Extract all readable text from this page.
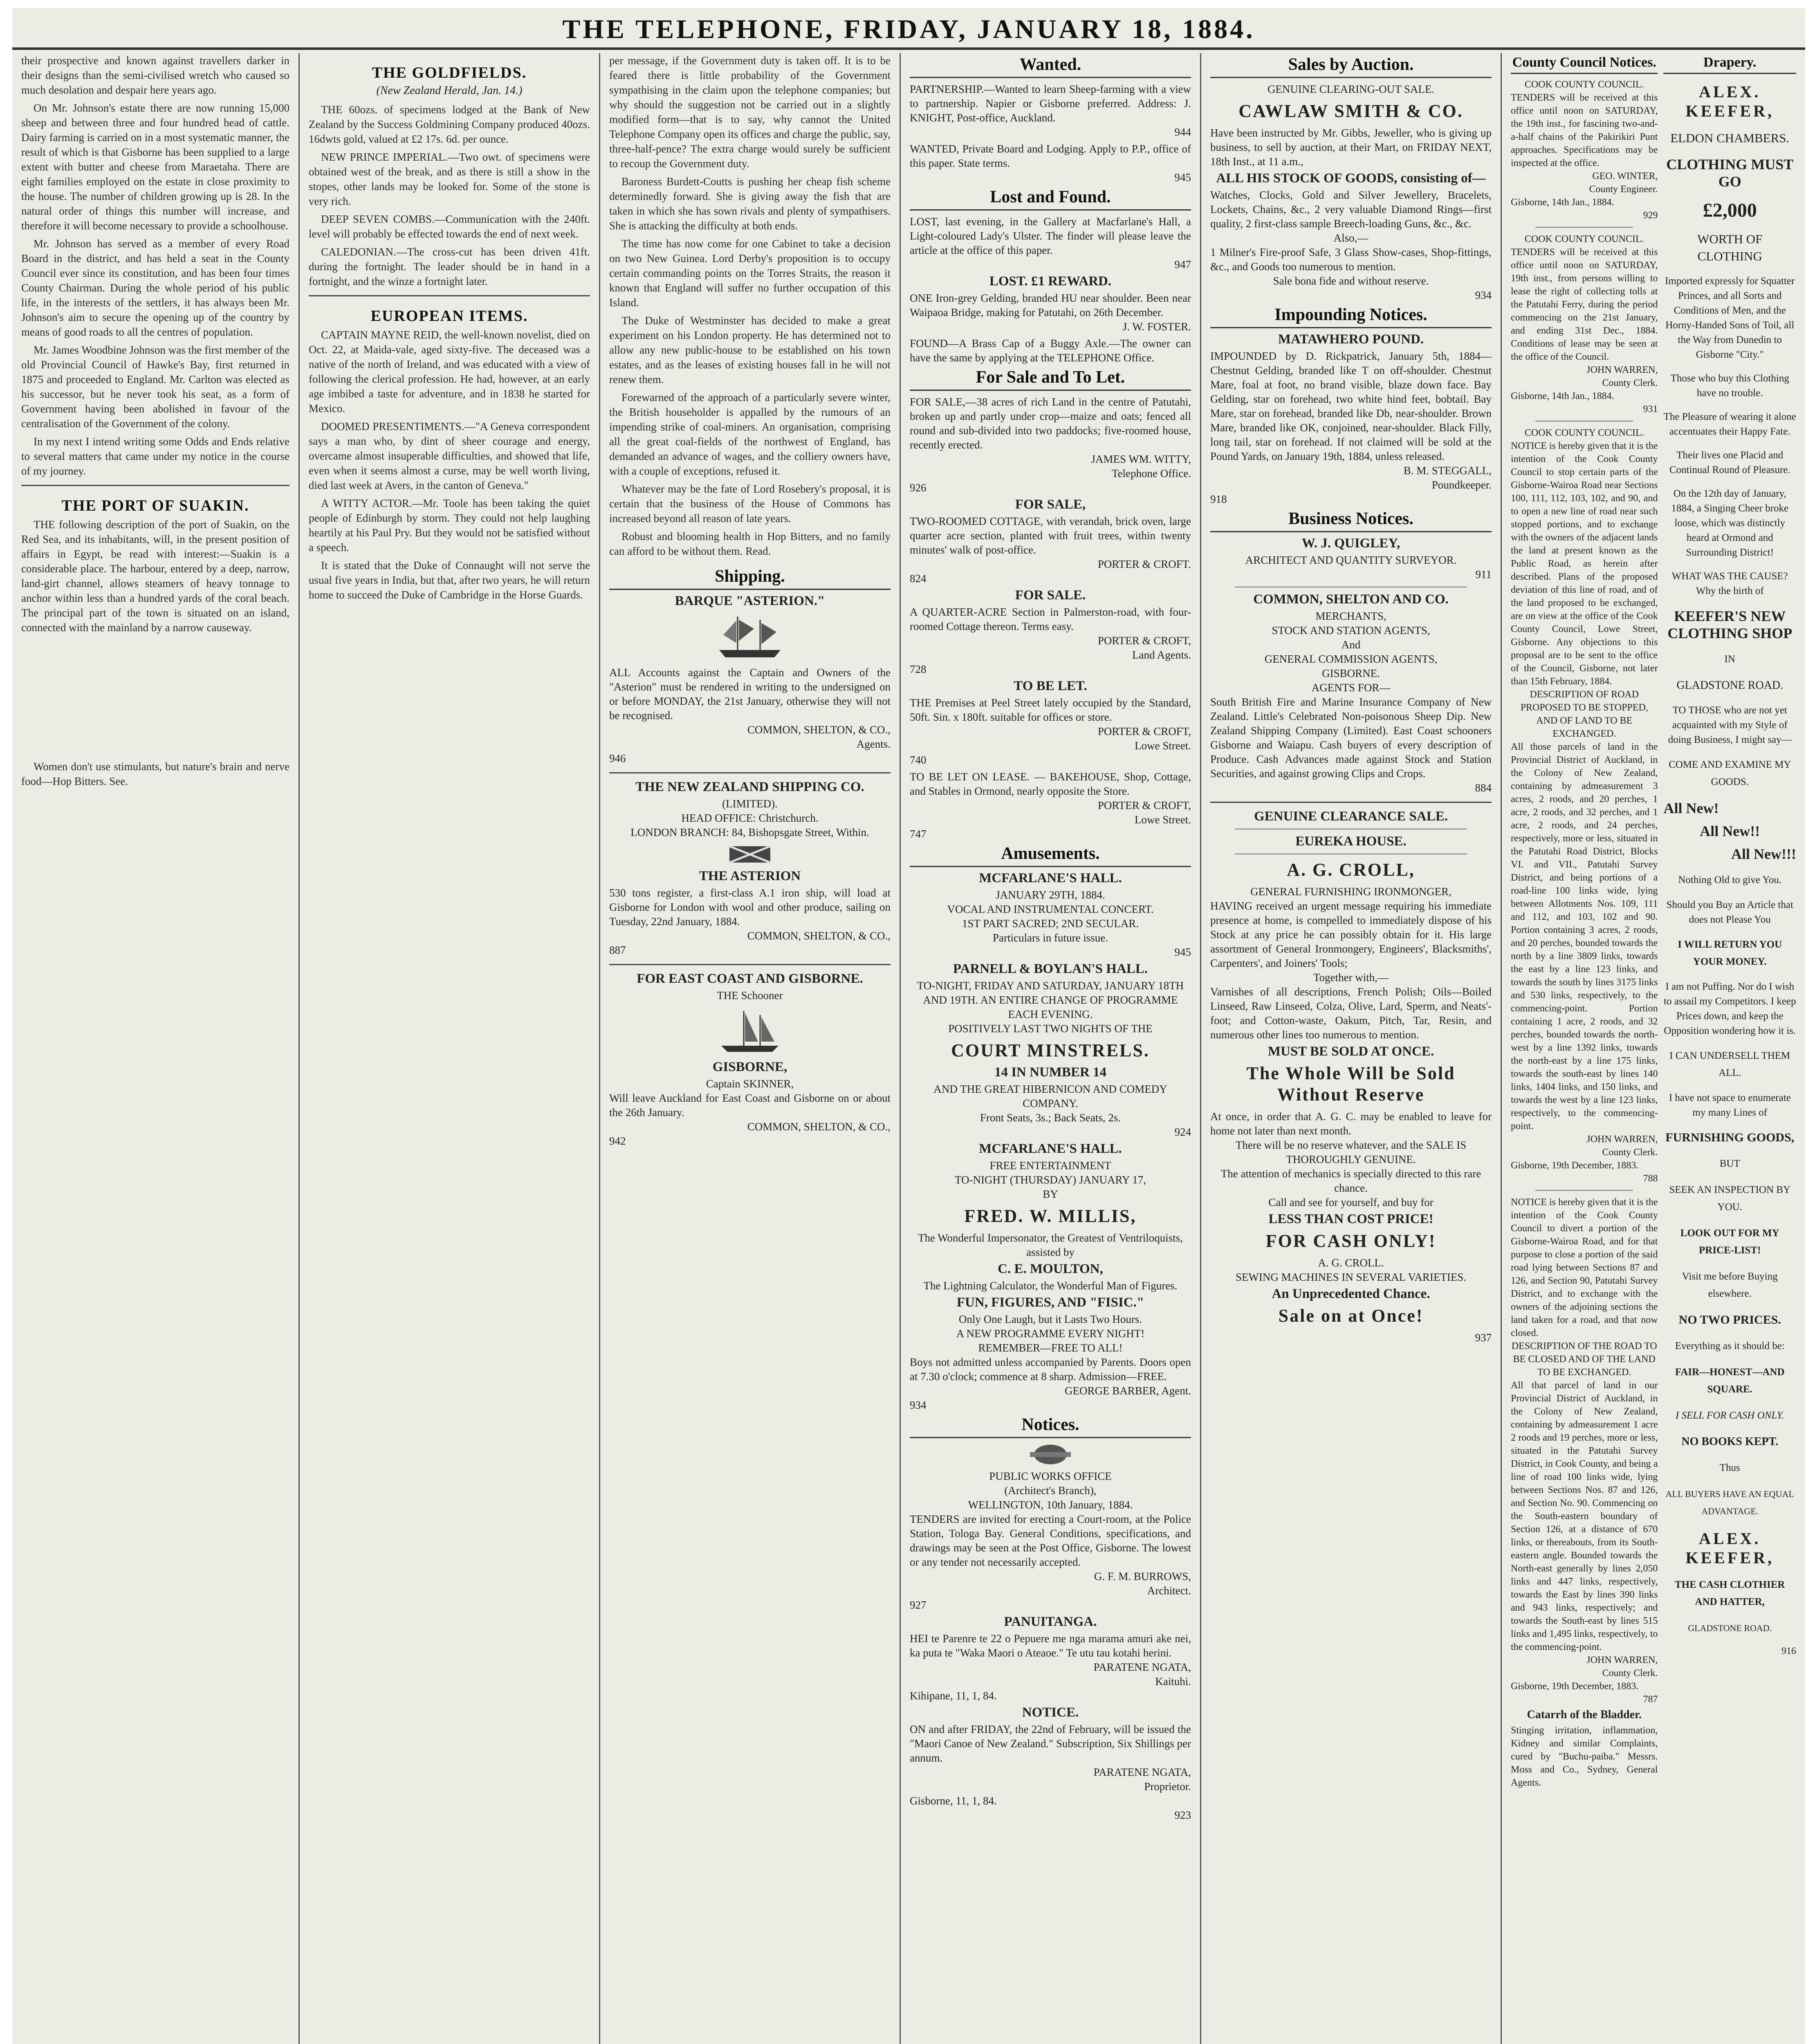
THE TELEPHONE, FRIDAY, JANUARY 18, 1884.

their prospective and known against travellers darker in their designs than the semi-civilised wretch who caused so much desolation and despair here years ago.

On Mr. Johnson's estate there are now running 15,000 sheep and between three and four hundred head of cattle. Dairy farming is carried on in a most systematic manner, the result of which is that Gisborne has been supplied to a large extent with butter and cheese from Maraetaha. There are eight families employed on the estate in close proximity to the house. The number of children growing up is 28. In the natural order of things this number will increase, and therefore it will become necessary to provide a schoolhouse.

Mr. Johnson has served as a member of every Road Board in the district, and has held a seat in the County Council ever since its constitution, and has been four times County Chairman. During the whole period of his public life, in the interests of the settlers, it has always been Mr. Johnson's aim to secure the opening up of the country by means of good roads to all the centres of population.

Mr. James Woodbine Johnson was the first member of the old Provincial Council of Hawke's Bay, first returned in 1875 and proceeded to England. Mr. Carlton was elected as his successor, but he never took his seat, as a form of Government having been abolished in favour of the centralisation of the Government of the colony.

In my next I intend writing some Odds and Ends relative to several matters that came under my notice in the course of my journey.

THE PORT OF SUAKIN.

THE following description of the port of Suakin, on the Red Sea, and its inhabitants, will, in the present position of affairs in Egypt, be read with interest:—Suakin is a considerable place. The harbour, entered by a deep, narrow, land-girt channel, allows steamers of heavy tonnage to anchor within less than a hundred yards of the coral beach. The principal part of the town is situated on an island, connected with the mainland by a narrow causeway.

Women don't use stimulants, but nature's brain and nerve food—Hop Bitters. See.

THE GOLDFIELDS.
(New Zealand Herald, Jan. 14.)

THE 60ozs. of specimens lodged at the Bank of New Zealand by the Success Goldmining Company produced 40ozs. 16dwts gold, valued at £2 17s. 6d. per ounce.

NEW PRINCE IMPERIAL.—Two owt. of specimens were obtained west of the break, and as there is still a show in the stopes, other lands may be looked for. Some of the stone is very rich.

DEEP SEVEN COMBS.—Communication with the 240ft. level will probably be effected towards the end of next week.

CALEDONIAN.—The cross-cut has been driven 41ft. during the fortnight. The leader should be in hand in a fortnight, and the winze a fortnight later.

EUROPEAN ITEMS.

CAPTAIN MAYNE REID, the well-known novelist, died on Oct. 22, at Maida-vale, aged sixty-five. The deceased was a native of the north of Ireland, and was educated with a view of following the clerical profession. He had, however, at an early age imbibed a taste for adventure, and in 1838 he started for Mexico.

DOOMED PRESENTIMENTS.—"A Geneva correspondent says a man who, by dint of sheer courage and energy, overcame almost insuperable difficulties, and showed that life, even when it seems almost a curse, may be well worth living, died last week at Avers, in the canton of Geneva."

A WITTY ACTOR.—Mr. Toole has been taking the quiet people of Edinburgh by storm. They could not help laughing heartily at his Paul Pry. But they would not be satisfied without a speech.

It is stated that the Duke of Connaught will not serve the usual five years in India, but that, after two years, he will return home to succeed the Duke of Cambridge in the Horse Guards.

per message, if the Government duty is taken off. It is to be feared there is little probability of the Government sympathising in the claim upon the telephone companies; but why should the suggestion not be carried out in a slightly modified form—that is to say, why cannot the United Telephone Company open its offices and charge the public, say, three-half-pence? The extra charge would surely be sufficient to recoup the Government duty.

Baroness Burdett-Coutts is pushing her cheap fish scheme determinedly forward. She is giving away the fish that are taken in which she has sown rivals and plenty of sympathisers. She is attacking the difficulty at both ends.

The time has now come for one Cabinet to take a decision on two New Guinea. Lord Derby's proposition is to occupy certain commanding points on the Torres Straits, the reason it known that England will suffer no further occupation of this Island.

The Duke of Westminster has decided to make a great experiment on his London property. He has determined not to allow any new public-house to be established on his town estates, and as the leases of existing houses fall in he will not renew them.

Forewarned of the approach of a particularly severe winter, the British householder is appalled by the rumours of an impending strike of coal-miners. An organisation, comprising all the great coal-fields of the northwest of England, has demanded an advance of wages, and the colliery owners have, with a couple of exceptions, refused it.

Whatever may be the fate of Lord Rosebery's proposal, it is certain that the business of the House of Commons has increased beyond all reason of late years.

Robust and blooming health in Hop Bitters, and no family can afford to be without them. Read.

Shipping.
BARQUE "ASTERION."
ALL Accounts against the Captain and Owners of the "Asterion" must be rendered in writing to the undersigned on or before MONDAY, the 21st January, otherwise they will not be recognised.
COMMON, SHELTON, & CO.,
Agents.
946
THE NEW ZEALAND SHIPPING CO.
(LIMITED).
HEAD OFFICE: Christchurch.
LONDON BRANCH: 84, Bishopsgate Street, Within.
THE ASTERION
530 tons register, a first-class A.1 iron ship, will load at Gisborne for London with wool and other produce, sailing on Tuesday, 22nd January, 1884.
COMMON, SHELTON, & CO.,
887
FOR EAST COAST AND GISBORNE.
THE Schooner
GISBORNE,
Captain SKINNER,
Will leave Auckland for East Coast and Gisborne on or about the 26th January.
COMMON, SHELTON, & CO.,
942
Wanted.
PARTNERSHIP.—Wanted to learn Sheep-farming with a view to partnership. Napier or Gisborne preferred. Address: J. KNIGHT, Post-office, Auckland.
944
WANTED, Private Board and Lodging. Apply to P.P., office of this paper. State terms.
945
Lost and Found.
LOST, last evening, in the Gallery at Macfarlane's Hall, a Light-coloured Lady's Ulster. The finder will please leave the article at the office of this paper.
947
LOST. £1 REWARD.
ONE Iron-grey Gelding, branded HU near shoulder. Been near Waipaoa Bridge, making for Patutahi, on 26th December.
J. W. FOSTER.
FOUND—A Brass Cap of a Buggy Axle.—The owner can have the same by applying at the TELEPHONE Office.
For Sale and To Let.
FOR SALE,—38 acres of rich Land in the centre of Patutahi, broken up and partly under crop—maize and oats; fenced all round and sub-divided into two paddocks; five-roomed house, recently erected.
JAMES WM. WITTY,
Telephone Office.
926
FOR SALE,
TWO-ROOMED COTTAGE, with verandah, brick oven, large quarter acre section, planted with fruit trees, within twenty minutes' walk of post-office.
PORTER & CROFT.
824
FOR SALE.
A QUARTER-ACRE Section in Palmerston-road, with four-roomed Cottage thereon. Terms easy.
PORTER & CROFT,
Land Agents.
728
TO BE LET.
THE Premises at Peel Street lately occupied by the Standard, 50ft. Sin. x 180ft. suitable for offices or store.
PORTER & CROFT,
Lowe Street.
740
TO BE LET ON LEASE. — BAKEHOUSE, Shop, Cottage, and Stables in Ormond, nearly opposite the Store.
PORTER & CROFT,
Lowe Street.
747
Amusements.
MCFARLANE'S HALL.
JANUARY 29TH, 1884.
VOCAL AND INSTRUMENTAL CONCERT.
1ST PART SACRED; 2ND SECULAR.
Particulars in future issue.
945
PARNELL & BOYLAN'S HALL.
TO-NIGHT, FRIDAY AND SATURDAY, JANUARY 18TH AND 19TH. AN ENTIRE CHANGE OF PROGRAMME EACH EVENING.
POSITIVELY LAST TWO NIGHTS OF THE
COURT MINSTRELS.
14 IN NUMBER 14
AND THE GREAT HIBERNICON AND COMEDY COMPANY.
Front Seats, 3s.; Back Seats, 2s.
924
MCFARLANE'S HALL.
FREE ENTERTAINMENT
TO-NIGHT (THURSDAY) JANUARY 17,
BY
FRED. W. MILLIS,
The Wonderful Impersonator, the Greatest of Ventriloquists, assisted by
C. E. MOULTON,
The Lightning Calculator, the Wonderful Man of Figures.
FUN, FIGURES, AND "FISIC."
Only One Laugh, but it Lasts Two Hours.
A NEW PROGRAMME EVERY NIGHT!
REMEMBER—FREE TO ALL!
Boys not admitted unless accompanied by Parents. Doors open at 7.30 o'clock; commence at 8 sharp. Admission—FREE.
GEORGE BARBER, Agent.
934
Notices.
PUBLIC WORKS OFFICE
(Architect's Branch),
WELLINGTON, 10th January, 1884.
TENDERS are invited for erecting a Court-room, at the Police Station, Tologa Bay. General Conditions, specifications, and drawings may be seen at the Post Office, Gisborne. The lowest or any tender not necessarily accepted.
G. F. M. BURROWS,
Architect.
927
PANUITANGA.
HEI te Parenre te 22 o Pepuere me nga marama amuri ake nei, ka puta te "Waka Maori o Ateaoe." Te utu tau kotahi herini.
PARATENE NGATA,
Kaituhi.
Kihipane, 11, 1, 84.
NOTICE.
ON and after FRIDAY, the 22nd of February, will be issued the "Maori Canoe of New Zealand." Subscription, Six Shillings per annum.
PARATENE NGATA,
Proprietor.
Gisborne, 11, 1, 84.
923
Sales by Auction.
GENUINE CLEARING-OUT SALE.
CAWLAW SMITH & CO.
Have been instructed by Mr. Gibbs, Jeweller, who is giving up business, to sell by auction, at their Mart, on FRIDAY NEXT, 18th Inst., at 11 a.m.,
ALL HIS STOCK OF GOODS, consisting of—
Watches, Clocks, Gold and Silver Jewellery, Bracelets, Lockets, Chains, &c., 2 very valuable Diamond Rings—first quality, 2 first-class sample Breech-loading Guns, &c., &c.
Also,—
1 Milner's Fire-proof Safe, 3 Glass Show-cases, Shop-fittings, &c., and Goods too numerous to mention.
Sale bona fide and without reserve.
934
Impounding Notices.
MATAWHERO POUND.
IMPOUNDED by D. Rickpatrick, January 5th, 1884— Chestnut Gelding, branded like T on off-shoulder. Chestnut Mare, foal at foot, no brand visible, blaze down face. Bay Gelding, star on forehead, two white hind feet, bobtail. Bay Mare, star on forehead, branded like Db, near-shoulder. Brown Mare, branded like OK, conjoined, near-shoulder. Black Filly, long tail, star on forehead. If not claimed will be sold at the Pound Yards, on January 19th, 1884, unless released.
B. M. STEGGALL,
Poundkeeper.
918
Business Notices.
W. J. QUIGLEY,
ARCHITECT AND QUANTITY SURVEYOR.
911
COMMON, SHELTON AND CO.
MERCHANTS,
STOCK AND STATION AGENTS,
And
GENERAL COMMISSION AGENTS,
GISBORNE.
AGENTS FOR—
South British Fire and Marine Insurance Company of New Zealand. Little's Celebrated Non-poisonous Sheep Dip. New Zealand Shipping Company (Limited). East Coast schooners Gisborne and Waiapu. Cash buyers of every description of Produce. Cash Advances made against Stock and Station Securities, and against growing Clips and Crops.
884
GENUINE CLEARANCE SALE.
EUREKA HOUSE.
A. G. CROLL,
GENERAL FURNISHING IRONMONGER,
HAVING received an urgent message requiring his immediate presence at home, is compelled to immediately dispose of his Stock at any price he can possibly obtain for it. His large assortment of General Ironmongery, Engineers', Blacksmiths', Carpenters', and Joiners' Tools;
Together with,—
Varnishes of all descriptions, French Polish; Oils—Boiled Linseed, Raw Linseed, Colza, Olive, Lard, Sperm, and Neats'-foot; and Cotton-waste, Oakum, Pitch, Tar, Resin, and numerous other lines too numerous to mention.
MUST BE SOLD AT ONCE.
The Whole Will be Sold Without Reserve
At once, in order that A. G. C. may be enabled to leave for home not later than next month.
There will be no reserve whatever, and the SALE IS THOROUGHLY GENUINE.
The attention of mechanics is specially directed to this rare chance.
Call and see for yourself, and buy for
LESS THAN COST PRICE!
FOR CASH ONLY!
A. G. CROLL.
SEWING MACHINES IN SEVERAL VARIETIES.
An Unprecedented Chance.
Sale on at Once!
937
County Council Notices.
COOK COUNTY COUNCIL.
TENDERS will be received at this office until noon on SATURDAY, the 19th inst., for fascining two-and-a-half chains of the Pakirikiri Punt approaches. Specifications may be inspected at the office.
GEO. WINTER,
County Engineer.
Gisborne, 14th Jan., 1884.
929
COOK COUNTY COUNCIL.
TENDERS will be received at this office until noon on SATURDAY, 19th inst., from persons willing to lease the right of collecting tolls at the Patutahi Ferry, during the period commencing on the 21st January, and ending 31st Dec., 1884. Conditions of lease may be seen at the office of the Council.
JOHN WARREN,
County Clerk.
Gisborne, 14th Jan., 1884.
931
COOK COUNTY COUNCIL.
NOTICE is hereby given that it is the intention of the Cook County Council to stop certain parts of the Gisborne-Wairoa Road near Sections 100, 111, 112, 103, 102, and 90, and to open a new line of road near such stopped portions, and to exchange with the owners of the adjacent lands the land at present known as the Public Road, as herein after described. Plans of the proposed deviation of this line of road, and of the land proposed to be exchanged, are on view at the office of the Cook County Council, Lowe Street, Gisborne. Any objections to this proposal are to be sent to the office of the Council, Gisborne, not later than 15th February, 1884.
DESCRIPTION OF ROAD PROPOSED TO BE STOPPED, AND OF LAND TO BE EXCHANGED.
All those parcels of land in the Provincial District of Auckland, in the Colony of New Zealand, containing by admeasurement 3 acres, 2 roods, and 20 perches, 1 acre, 2 roods, and 32 perches, and 1 acre, 2 roods, and 24 perches, respectively, more or less, situated in the Patutahi Road District, Blocks VI. and VII., Patutahi Survey District, and being portions of a road-line 100 links wide, lying between Allotments Nos. 109, 111 and 112, and 103, 102 and 90. Portion containing 3 acres, 2 roods, and 20 perches, bounded towards the north by a line 3809 links, towards the east by a line 123 links, and towards the south by lines 3175 links and 530 links, respectively, to the commencing-point.	Portion containing 1 acre, 2 roods, and 32 perches, bounded towards the north-west by a line 1392 links, towards the north-east by a line 175 links, towards the south-east by lines 140 links, 1404 links, and 150 links, and towards the west by a line 123 links, respectively, to the commencing-point.
JOHN WARREN,
County Clerk.
Gisborne, 19th December, 1883.
788
NOTICE is hereby given that it is the intention of the Cook County Council to divert a portion of the Gisborne-Wairoa Road, and for that purpose to close a portion of the said road lying between Sections 87 and 126, and Section 90, Patutahi Survey District, and to exchange with the owners of the adjoining sections the land taken for a road, and that now closed.
DESCRIPTION OF THE ROAD TO BE CLOSED AND OF THE LAND TO BE EXCHANGED.
All that parcel of land in our Provincial District of Auckland, in the Colony of New Zealand, containing by admeasurement 1 acre 2 roods and 19 perches, more or less, situated in the Patutahi Survey District, in Cook County, and being a line of road 100 links wide, lying between Sections Nos. 87 and 126, and Section No. 90. Commencing on the South-eastern boundary of Section 126, at a distance of 670 links, or thereabouts, from its South-eastern angle. Bounded towards the North-east generally by lines 2,050 links and 447 links, respectively, towards the East by lines 390 links and 943 links, respectively; and towards the South-east by lines 515 links and 1,495 links, respectively, to the commencing-point.
JOHN WARREN,
County Clerk.
Gisborne, 19th December, 1883.
787
Catarrh of the Bladder.
Stinging irritation, inflammation, Kidney and similar Complaints, cured by "Buchu-paiba." Messrs. Moss and Co., Sydney, General Agents.
Drapery.
ALEX. KEEFER,
ELDON CHAMBERS.
CLOTHING MUST GO
£2,000
WORTH OF CLOTHING
Imported expressly for Squatter Princes, and all Sorts and Conditions of Men, and the Horny-Handed Sons of Toil, all the Way from Dunedin to Gisborne "City."
Those who buy this Clothing have no trouble.
The Pleasure of wearing it alone accentuates their Happy Fate.
Their lives one Placid and Continual Round of Pleasure.
On the 12th day of January, 1884, a Singing Cheer broke loose, which was distinctly heard at Ormond and Surrounding District!
WHAT WAS THE CAUSE? Why the birth of
KEEFER'S NEW CLOTHING SHOP
IN
GLADSTONE ROAD.
TO THOSE who are not yet acquainted with my Style of doing Business, I might say—
COME AND EXAMINE MY GOODS.
All New!
All New!!
All New!!!
Nothing Old to give You.
Should you Buy an Article that does not Please You
I WILL RETURN YOU YOUR MONEY.
I am not Puffing. Nor do I wish to assail my Competitors. I keep Prices down, and keep the Opposition wondering how it is.
I CAN UNDERSELL THEM ALL.
I have not space to enumerate my many Lines of
FURNISHING GOODS,
BUT
SEEK AN INSPECTION BY YOU.
LOOK OUT FOR MY PRICE-LIST!
Visit me before Buying elsewhere.
NO TWO PRICES.
Everything as it should be:
FAIR—HONEST—AND SQUARE.
I SELL FOR CASH ONLY.
NO BOOKS KEPT.
Thus
ALL BUYERS HAVE AN EQUAL ADVANTAGE.
ALEX. KEEFER,
THE CASH CLOTHIER AND HATTER,
GLADSTONE ROAD.
916
